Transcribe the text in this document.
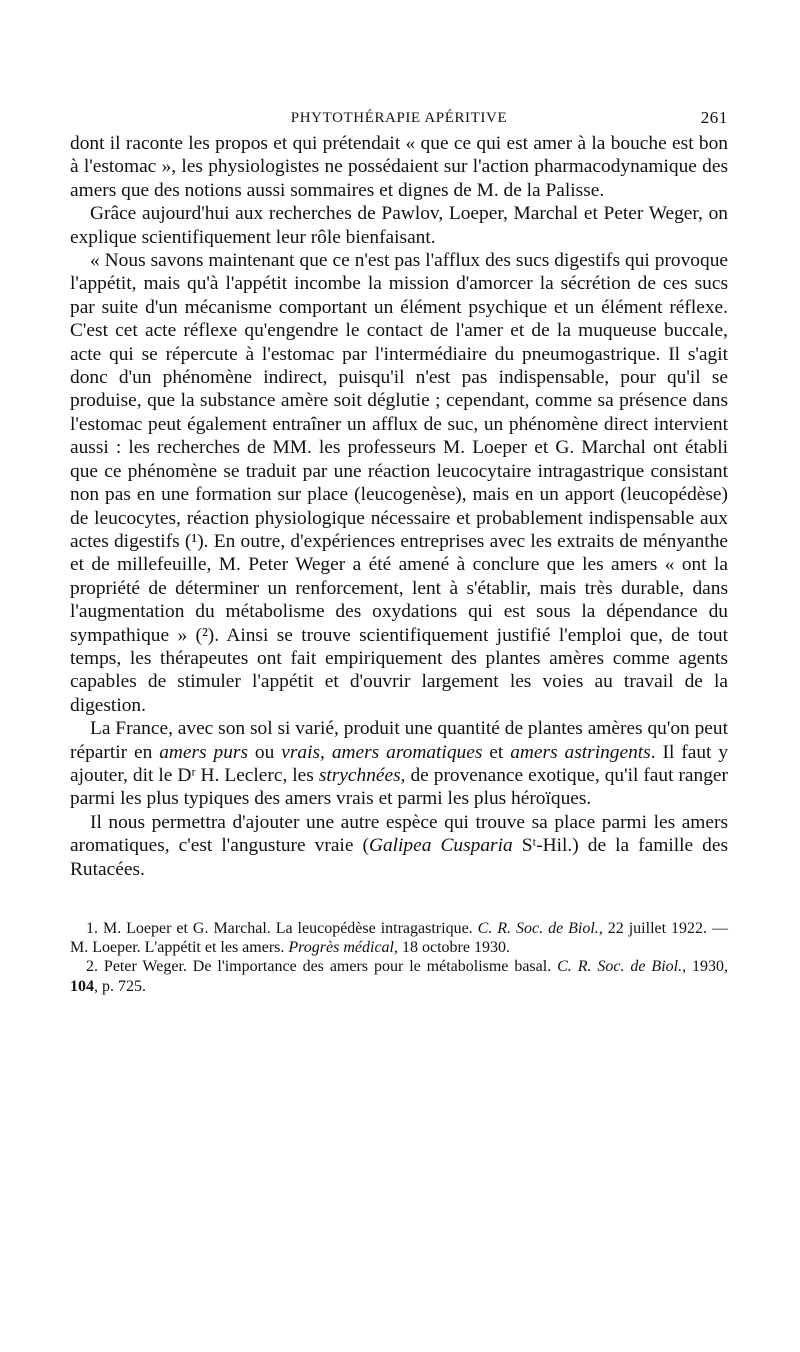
PHYTOTHÉRAPIE APÉRITIVE	261

dont il raconte les propos et qui prétendait « que ce qui est amer à la bouche est bon à l'estomac », les physiologistes ne possédaient sur l'action pharmacodynamique des amers que des notions aussi sommaires et dignes de M. de la Palisse.

Grâce aujourd'hui aux recherches de Pawlov, Loeper, Marchal et Peter Weger, on explique scientifiquement leur rôle bienfaisant.

« Nous savons maintenant que ce n'est pas l'afflux des sucs digestifs qui provoque l'appétit, mais qu'à l'appétit incombe la mission d'amorcer la sécrétion de ces sucs par suite d'un mécanisme comportant un élément psychique et un élément réflexe. C'est cet acte réflexe qu'engendre le contact de l'amer et de la muqueuse buccale, acte qui se répercute à l'estomac par l'intermédiaire du pneumogastrique. Il s'agit donc d'un phénomène indirect, puisqu'il n'est pas indispensable, pour qu'il se produise, que la substance amère soit déglutie ; cependant, comme sa présence dans l'estomac peut également entraîner un afflux de suc, un phénomène direct intervient aussi : les recherches de MM. les professeurs M. Loeper et G. Marchal ont établi que ce phénomène se traduit par une réaction leucocytaire intragastrique consistant non pas en une formation sur place (leucogenèse), mais en un apport (leucopédèse) de leucocytes, réaction physiologique nécessaire et probablement indispensable aux actes digestifs (¹). En outre, d'expériences entreprises avec les extraits de ményanthe et de millefeuille, M. Peter Weger a été amené à conclure que les amers « ont la propriété de déterminer un renforcement, lent à s'établir, mais très durable, dans l'augmentation du métabolisme des oxydations qui est sous la dépendance du sympathique » (²). Ainsi se trouve scientifiquement justifié l'emploi que, de tout temps, les thérapeutes ont fait empiriquement des plantes amères comme agents capables de stimuler l'appétit et d'ouvrir largement les voies au travail de la digestion.

La France, avec son sol si varié, produit une quantité de plantes amères qu'on peut répartir en amers purs ou vrais, amers aromatiques et amers astringents. Il faut y ajouter, dit le Dʳ H. Leclerc, les strychnées, de provenance exotique, qu'il faut ranger parmi les plus typiques des amers vrais et parmi les plus héroïques.

Il nous permettra d'ajouter une autre espèce qui trouve sa place parmi les amers aromatiques, c'est l'angusture vraie (Galipea Cusparia Sᵗ-Hil.) de la famille des Rutacées.

1. M. Loeper et G. Marchal. La leucopédèse intragastrique. C. R. Soc. de Biol., 22 juillet 1922. — M. Loeper. L'appétit et les amers. Progrès médical, 18 octobre 1930.

2. Peter Weger. De l'importance des amers pour le métabolisme basal. C. R. Soc. de Biol., 1930, 104, p. 725.
